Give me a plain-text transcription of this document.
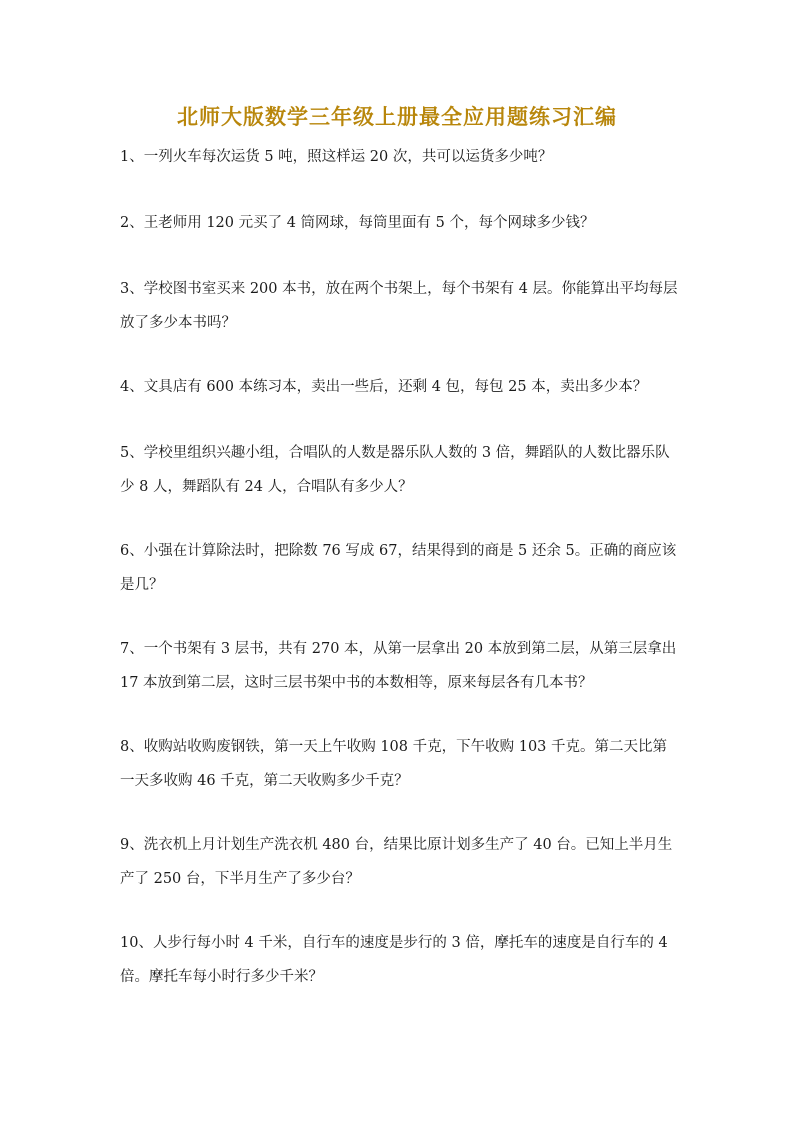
北师大版数学三年级上册最全应用题练习汇编

1、一列火车每次运货 5 吨，照这样运 20 次，共可以运货多少吨？

2、王老师用 120 元买了 4 筒网球，每筒里面有 5 个，每个网球多少钱？

3、学校图书室买来 200 本书，放在两个书架上，每个书架有 4 层。你能算出平均每层放了多少本书吗？

4、文具店有 600 本练习本，卖出一些后，还剩 4 包，每包 25 本，卖出多少本？

5、学校里组织兴趣小组，合唱队的人数是器乐队人数的 3 倍，舞蹈队的人数比器乐队少 8 人，舞蹈队有 24 人，合唱队有多少人？

6、小强在计算除法时，把除数 76 写成 67，结果得到的商是 5 还余 5。正确的商应该是几？

7、一个书架有 3 层书，共有 270 本，从第一层拿出 20 本放到第二层，从第三层拿出 17 本放到第二层，这时三层书架中书的本数相等，原来每层各有几本书？

8、收购站收购废钢铁，第一天上午收购 108 千克，下午收购 103 千克。第二天比第一天多收购 46 千克，第二天收购多少千克？

9、洗衣机上月计划生产洗衣机 480 台，结果比原计划多生产了 40 台。已知上半月生产了 250 台，下半月生产了多少台？

10、人步行每小时 4 千米，自行车的速度是步行的 3 倍，摩托车的速度是自行车的 4 倍。摩托车每小时行多少千米？
